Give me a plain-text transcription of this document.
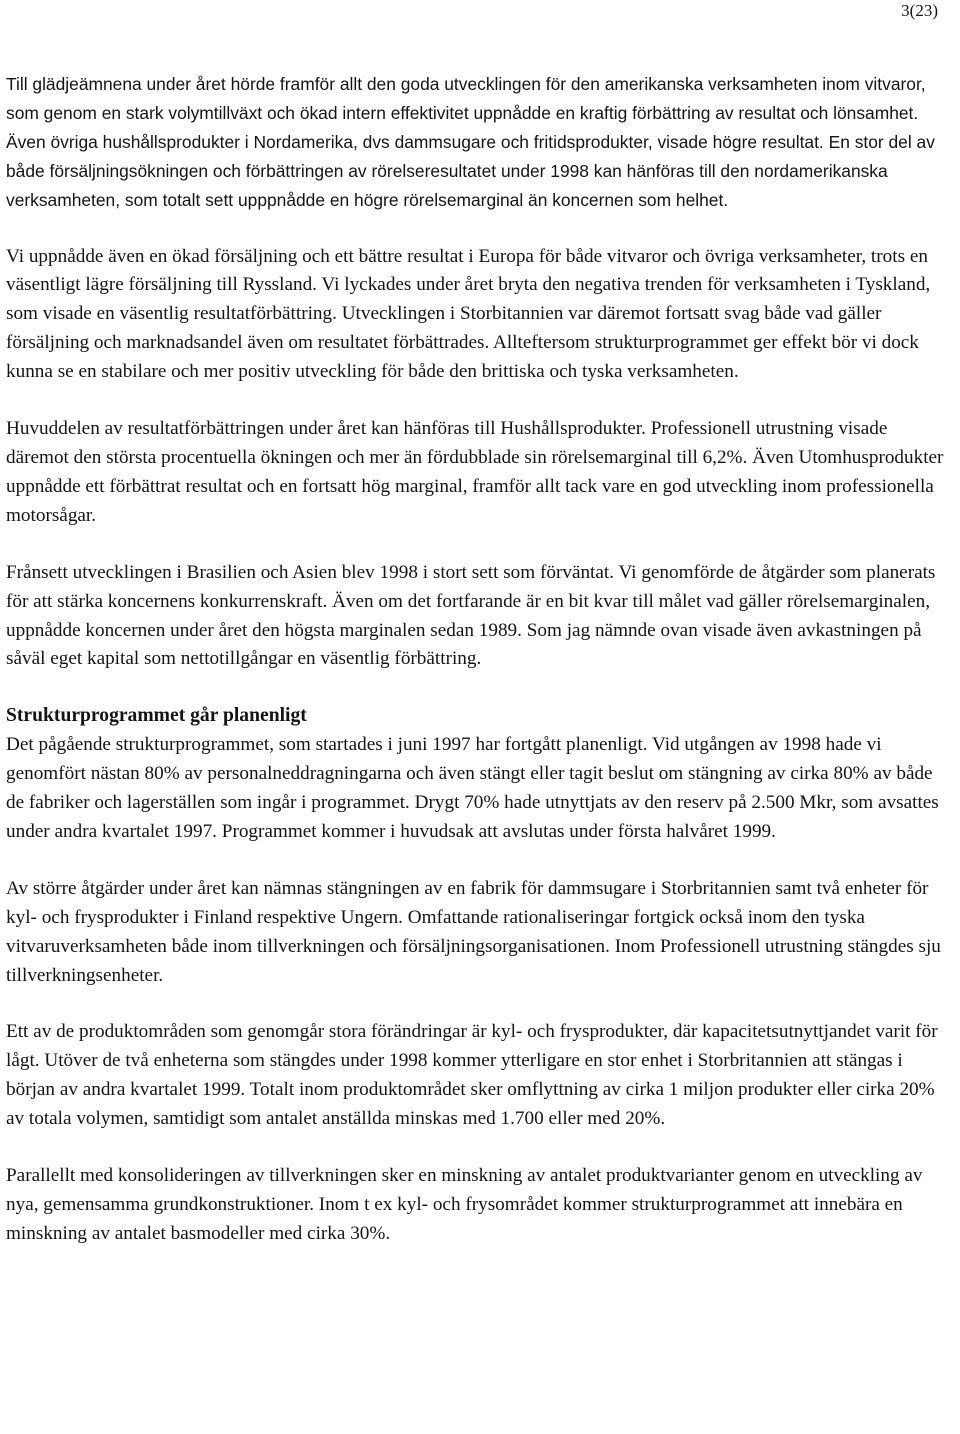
3(23)

Till glädjeämnena under året hörde framför allt den goda utvecklingen för den amerikanska verksamheten inom vitvaror, som genom en stark volymtillväxt och ökad intern effektivitet uppnådde en kraftig förbättring av resultat och lönsamhet. Även övriga hushållsprodukter i Nordamerika, dvs dammsugare och fritidsprodukter, visade högre resultat. En stor del av både försäljningsökningen och förbättringen av rörelseresultatet under 1998 kan hänföras till den nordamerikanska verksamheten, som totalt sett upppnådde en högre rörelsemarginal än koncernen som helhet.

Vi uppnådde även en ökad försäljning och ett bättre resultat i Europa för både vitvaror och övriga verksamheter, trots en väsentligt lägre försäljning till Ryssland. Vi lyckades under året bryta den negativa trenden för verksamheten i Tyskland, som visade en väsentlig resultatförbättring. Utvecklingen i Storbitannien var däremot fortsatt svag både vad gäller försäljning och marknadsandel även om resultatet förbättrades. Allteftersom strukturprogrammet ger effekt bör vi dock kunna se en stabilare och mer positiv utveckling för både den brittiska och tyska verksamheten.

Huvuddelen av resultatförbättringen under året kan hänföras till Hushållsprodukter. Professionell utrustning visade däremot den största procentuella ökningen och mer än fördubblade sin rörelsemarginal till 6,2%. Även Utomhusprodukter uppnådde ett förbättrat resultat och en fortsatt hög marginal, framför allt tack vare en god utveckling inom professionella motorsågar.

Frånsett utvecklingen i Brasilien och Asien blev 1998 i stort sett som förväntat. Vi genomförde de åtgärder som planerats för att stärka koncernens konkurrenskraft. Även om det fortfarande är en bit kvar till målet vad gäller rörelsemarginalen, uppnådde koncernen under året den högsta marginalen sedan 1989. Som jag nämnde ovan visade även avkastningen på såväl eget kapital som nettotillgångar en väsentlig förbättring.

Strukturprogrammet går planenligt

Det pågående strukturprogrammet, som startades i juni 1997 har fortgått planenligt. Vid utgången av 1998 hade vi genomfört nästan 80% av personalneddragningarna och även stängt eller tagit beslut om stängning av cirka 80% av både de fabriker och lagerställen som ingår i programmet. Drygt 70% hade utnyttjats av den reserv på 2.500 Mkr, som avsattes under andra kvartalet 1997. Programmet kommer i huvudsak att avslutas under första halvåret 1999.

Av större åtgärder under året kan nämnas stängningen av en fabrik för dammsugare i Storbritannien samt två enheter för kyl- och frysprodukter i Finland respektive Ungern. Omfattande rationaliseringar fortgick också inom den tyska vitvaruverksamheten både inom tillverkningen och försäljningsorganisationen. Inom Professionell utrustning stängdes sju tillverkningsenheter.

Ett av de produktområden som genomgår stora förändringar är kyl- och frysprodukter, där kapacitetsutnyttjandet varit för lågt. Utöver de två enheterna som stängdes under 1998 kommer ytterligare en stor enhet i Storbritannien att stängas i början av andra kvartalet 1999. Totalt inom produktområdet sker omflyttning av cirka 1 miljon produkter eller cirka 20% av totala volymen, samtidigt som antalet anställda minskas med 1.700 eller med 20%.

Parallellt med konsolideringen av tillverkningen sker en minskning av antalet produktvarianter genom en utveckling av nya, gemensamma grundkonstruktioner. Inom t ex kyl- och frysområdet kommer strukturprogrammet att innebära en minskning av antalet basmodeller med cirka 30%.
